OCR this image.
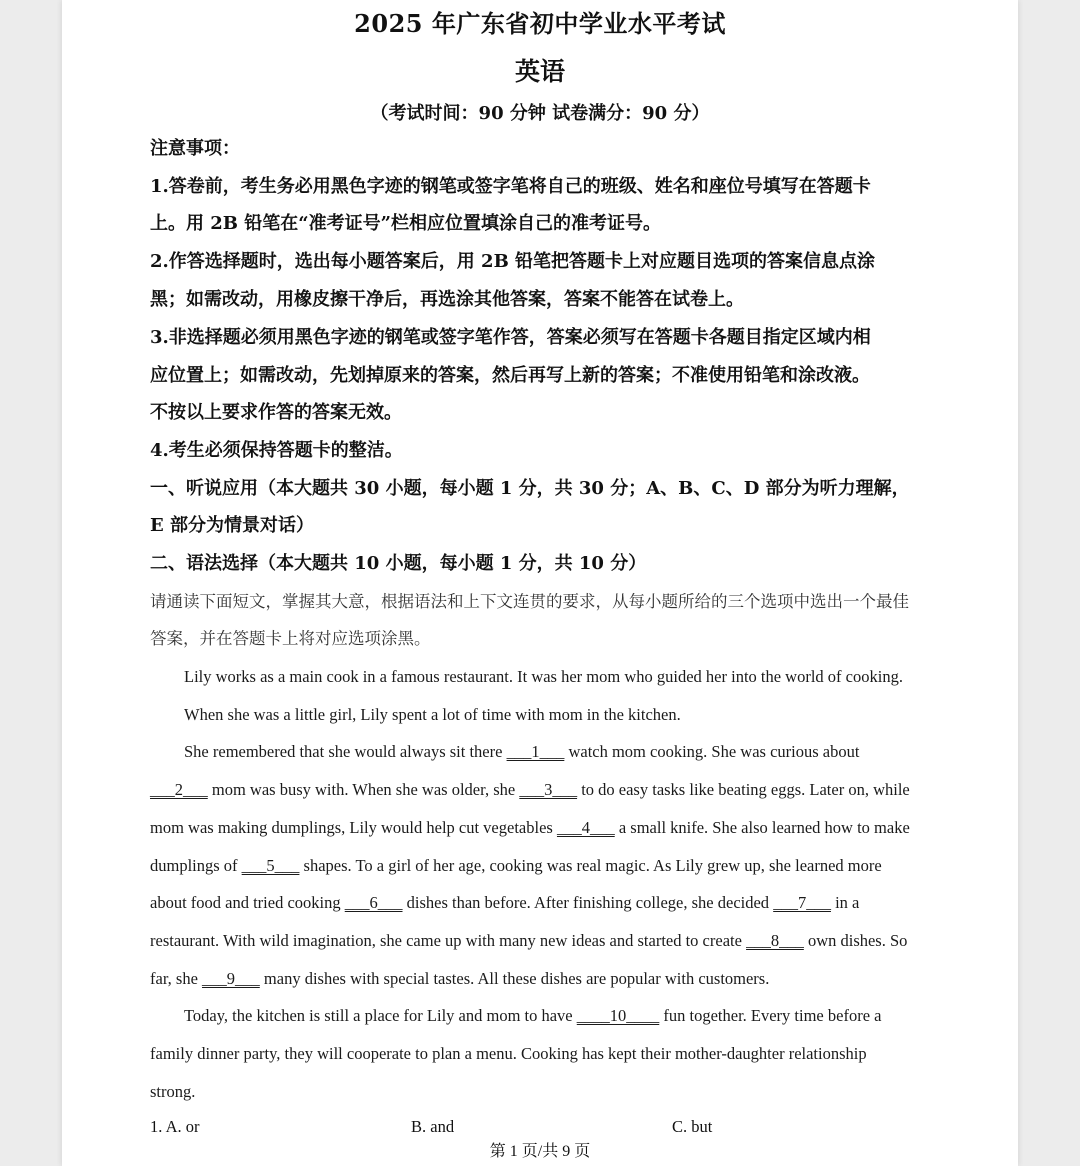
2025 年广东省初中学业水平考试
英语
（考试时间：90 分钟 试卷满分：90 分）
注意事项：
1.答卷前，考生务必用黑色字迹的钢笔或签字笔将自己的班级、姓名和座位号填写在答题卡
上。用 2B 铅笔在“准考证号”栏相应位置填涂自己的准考证号。
2.作答选择题时，选出每小题答案后，用 2B 铅笔把答题卡上对应题目选项的答案信息点涂
黑；如需改动，用橡皮擦干净后，再选涂其他答案，答案不能答在试卷上。
3.非选择题必须用黑色字迹的钢笔或签字笔作答，答案必须写在答题卡各题目指定区域内相
应位置上；如需改动，先划掉原来的答案，然后再写上新的答案；不准使用铅笔和涂改液。
不按以上要求作答的答案无效。
4.考生必须保持答题卡的整洁。
一、听说应用（本大题共 30 小题，每小题 1 分，共 30 分；A、B、C、D 部分为听力理解，
E 部分为情景对话）
二、语法选择（本大题共 10 小题，每小题 1 分，共 10 分）
请通读下面短文，掌握其大意，根据语法和上下文连贯的要求，从每小题所给的三个选项中选出一个最佳
答案，并在答题卡上将对应选项涂黑。
Lily works as a main cook in a famous restaurant. It was her mom who guided her into the world of cooking.
When she was a little girl, Lily spent a lot of time with mom in the kitchen.
She remembered that she would always sit there ___1___ watch mom cooking. She was curious about
___2___ mom was busy with. When she was older, she ___3___ to do easy tasks like beating eggs. Later on, while
mom was making dumplings, Lily would help cut vegetables ___4___ a small knife. She also learned how to make
dumplings of ___5___ shapes. To a girl of her age, cooking was real magic. As Lily grew up, she learned more
about food and tried cooking ___6___ dishes than before. After finishing college, she decided ___7___ in a
restaurant. With wild imagination, she came up with many new ideas and started to create ___8___ own dishes. So
far, she ___9___ many dishes with special tastes. All these dishes are popular with customers.
Today, the kitchen is still a place for Lily and mom to have ____10____ fun together. Every time before a
family dinner party, they will cooperate to plan a menu. Cooking has kept their mother-daughter relationship
strong.
1. A. or	B. and	C. but
第 1 页/共 9 页
